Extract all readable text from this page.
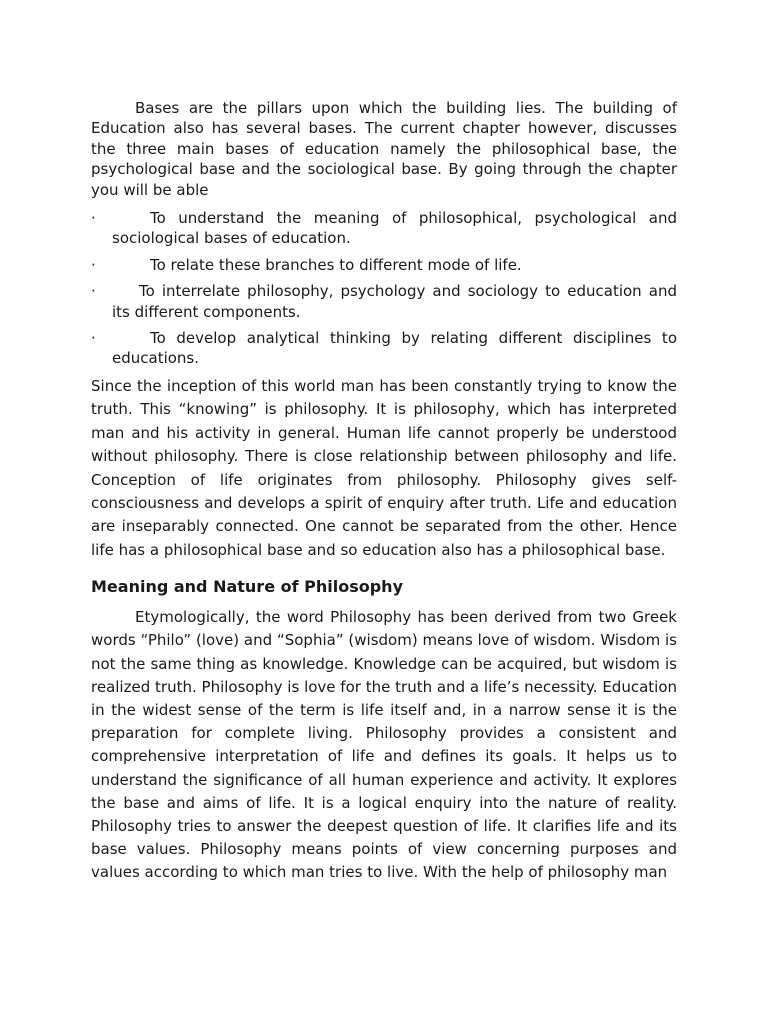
Bases are the pillars upon which the building lies. The building of Education also has several bases. The current chapter however, discusses the three main bases of education namely the philosophical base, the psychological base and the sociological base. By going through the chapter you will be able

·	To understand the meaning of philosophical, psychological and sociological bases of education.
·	To relate these branches to different mode of life.
·	To interrelate philosophy, psychology and sociology to education and its different components.
·	To develop analytical thinking by relating different disciplines to educations.

Since the inception of this world man has been constantly trying to know the truth. This “knowing” is philosophy. It is philosophy, which has interpreted man and his activity in general. Human life cannot properly be understood without philosophy. There is close relationship between philosophy and life. Conception of life originates from philosophy. Philosophy gives self-consciousness and develops a spirit of enquiry after truth. Life and education are inseparably connected. One cannot be separated from the other. Hence life has a philosophical base and so education also has a philosophical base.

Meaning and Nature of Philosophy

Etymologically, the word Philosophy has been derived from two Greek words “Philo” (love) and “Sophia” (wisdom) means love of wisdom. Wisdom is not the same thing as knowledge. Knowledge can be acquired, but wisdom is realized truth. Philosophy is love for the truth and a life’s necessity. Education in the widest sense of the term is life itself and, in a narrow sense it is the preparation for complete living. Philosophy provides a consistent and comprehensive interpretation of life and defines its goals. It helps us to understand the significance of all human experience and activity. It explores the base and aims of life. It is a logical enquiry into the nature of reality. Philosophy tries to answer the deepest question of life. It clarifies life and its base values. Philosophy means points of view concerning purposes and values according to which man tries to live. With the help of philosophy man
